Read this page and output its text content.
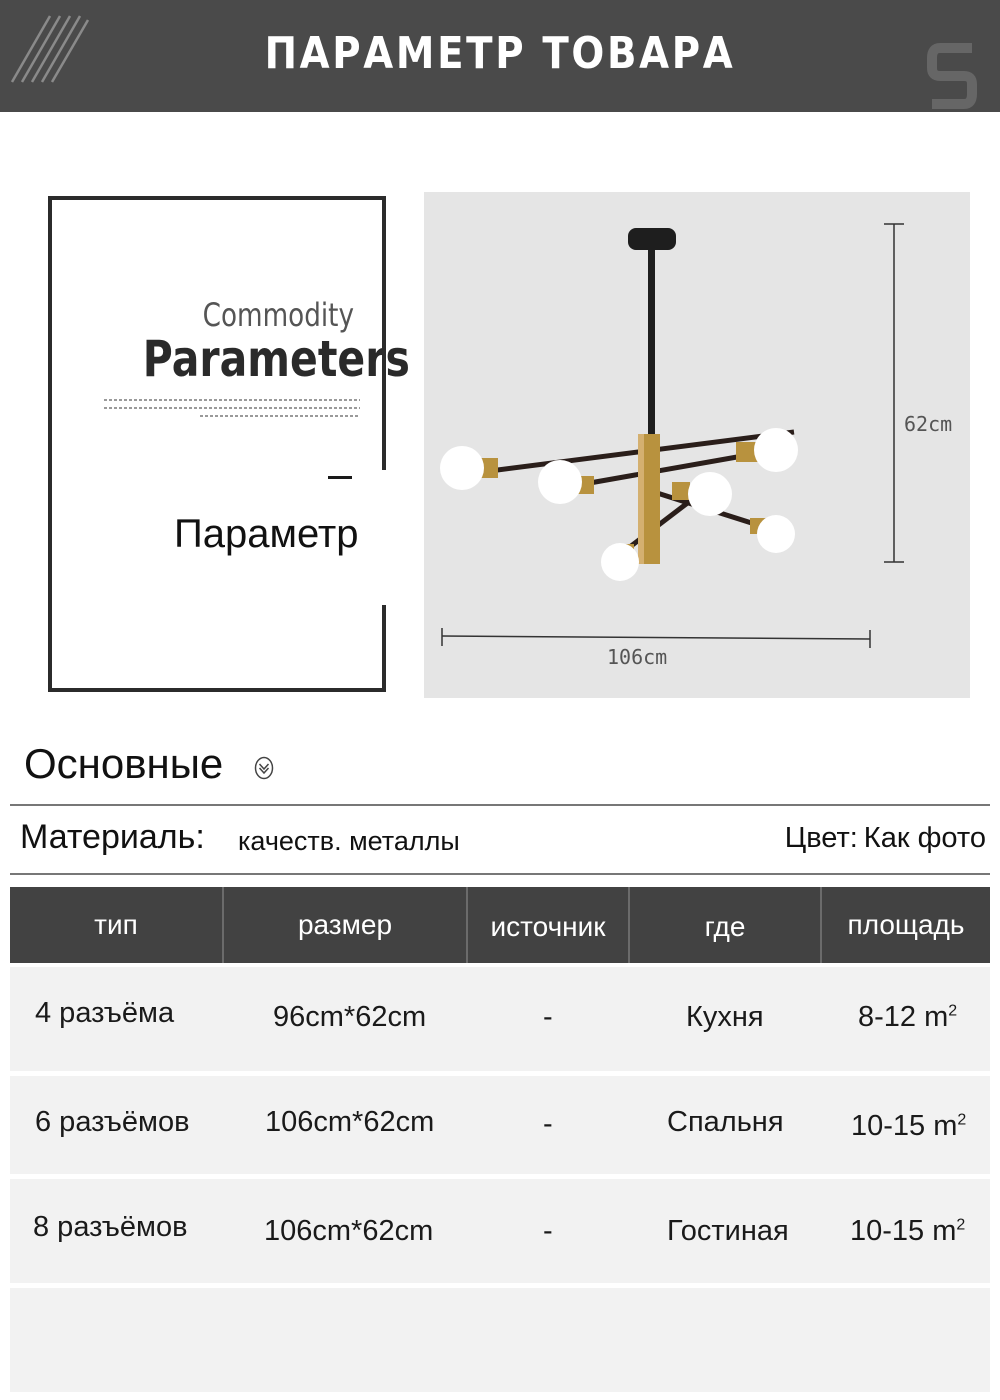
ПАРАМЕТР ТОВАРА
Commodity
Parameters
Параметр
62cm
106cm
Основные
Материаль: качеств. металлы	Цвет: Как фото
тип	размер	источник	где	площадь
4 разъёма	96cm*62cm	-	Кухня	8-12 $m^2$
6 разъёмов	106cm*62cm	-	Спальня 10-15 $m^2$
8 разъёмов	106cm*62cm	-	Гостиная 10-15 $m^2$
